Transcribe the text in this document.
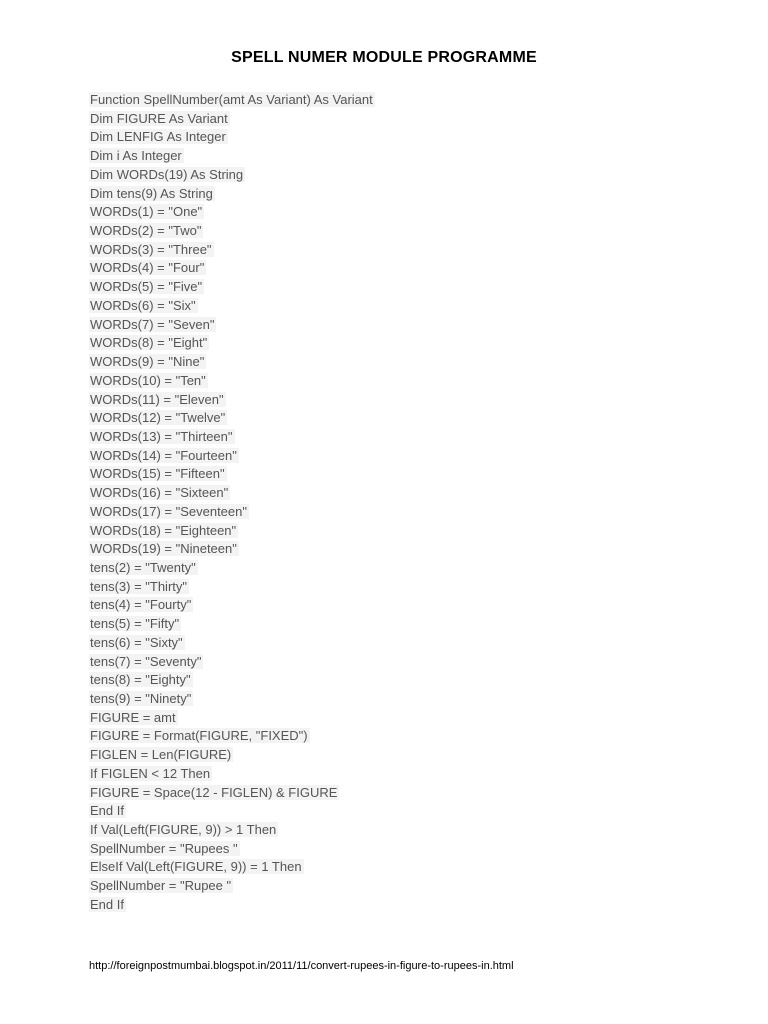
SPELL NUMER MODULE PROGRAMME
Function SpellNumber(amt As Variant) As Variant
Dim FIGURE As Variant
Dim LENFIG As Integer
Dim i As Integer
Dim WORDs(19) As String
Dim tens(9) As String
WORDs(1) = "One"
WORDs(2) = "Two"
WORDs(3) = "Three"
WORDs(4) = "Four"
WORDs(5) = "Five"
WORDs(6) = "Six"
WORDs(7) = "Seven"
WORDs(8) = "Eight"
WORDs(9) = "Nine"
WORDs(10) = "Ten"
WORDs(11) = "Eleven"
WORDs(12) = "Twelve"
WORDs(13) = "Thirteen"
WORDs(14) = "Fourteen"
WORDs(15) = "Fifteen"
WORDs(16) = "Sixteen"
WORDs(17) = "Seventeen"
WORDs(18) = "Eighteen"
WORDs(19) = "Nineteen"
tens(2) = "Twenty"
tens(3) = "Thirty"
tens(4) = "Fourty"
tens(5) = "Fifty"
tens(6) = "Sixty"
tens(7) = "Seventy"
tens(8) = "Eighty"
tens(9) = "Ninety"
FIGURE = amt
FIGURE = Format(FIGURE, "FIXED")
FIGLEN = Len(FIGURE)
If FIGLEN < 12 Then
FIGURE = Space(12 - FIGLEN) & FIGURE
End If
If Val(Left(FIGURE, 9)) > 1 Then
SpellNumber = "Rupees "
ElseIf Val(Left(FIGURE, 9)) = 1 Then
SpellNumber = "Rupee "
End If
http://foreignpostmumbai.blogspot.in/2011/11/convert-rupees-in-figure-to-rupees-in.html
